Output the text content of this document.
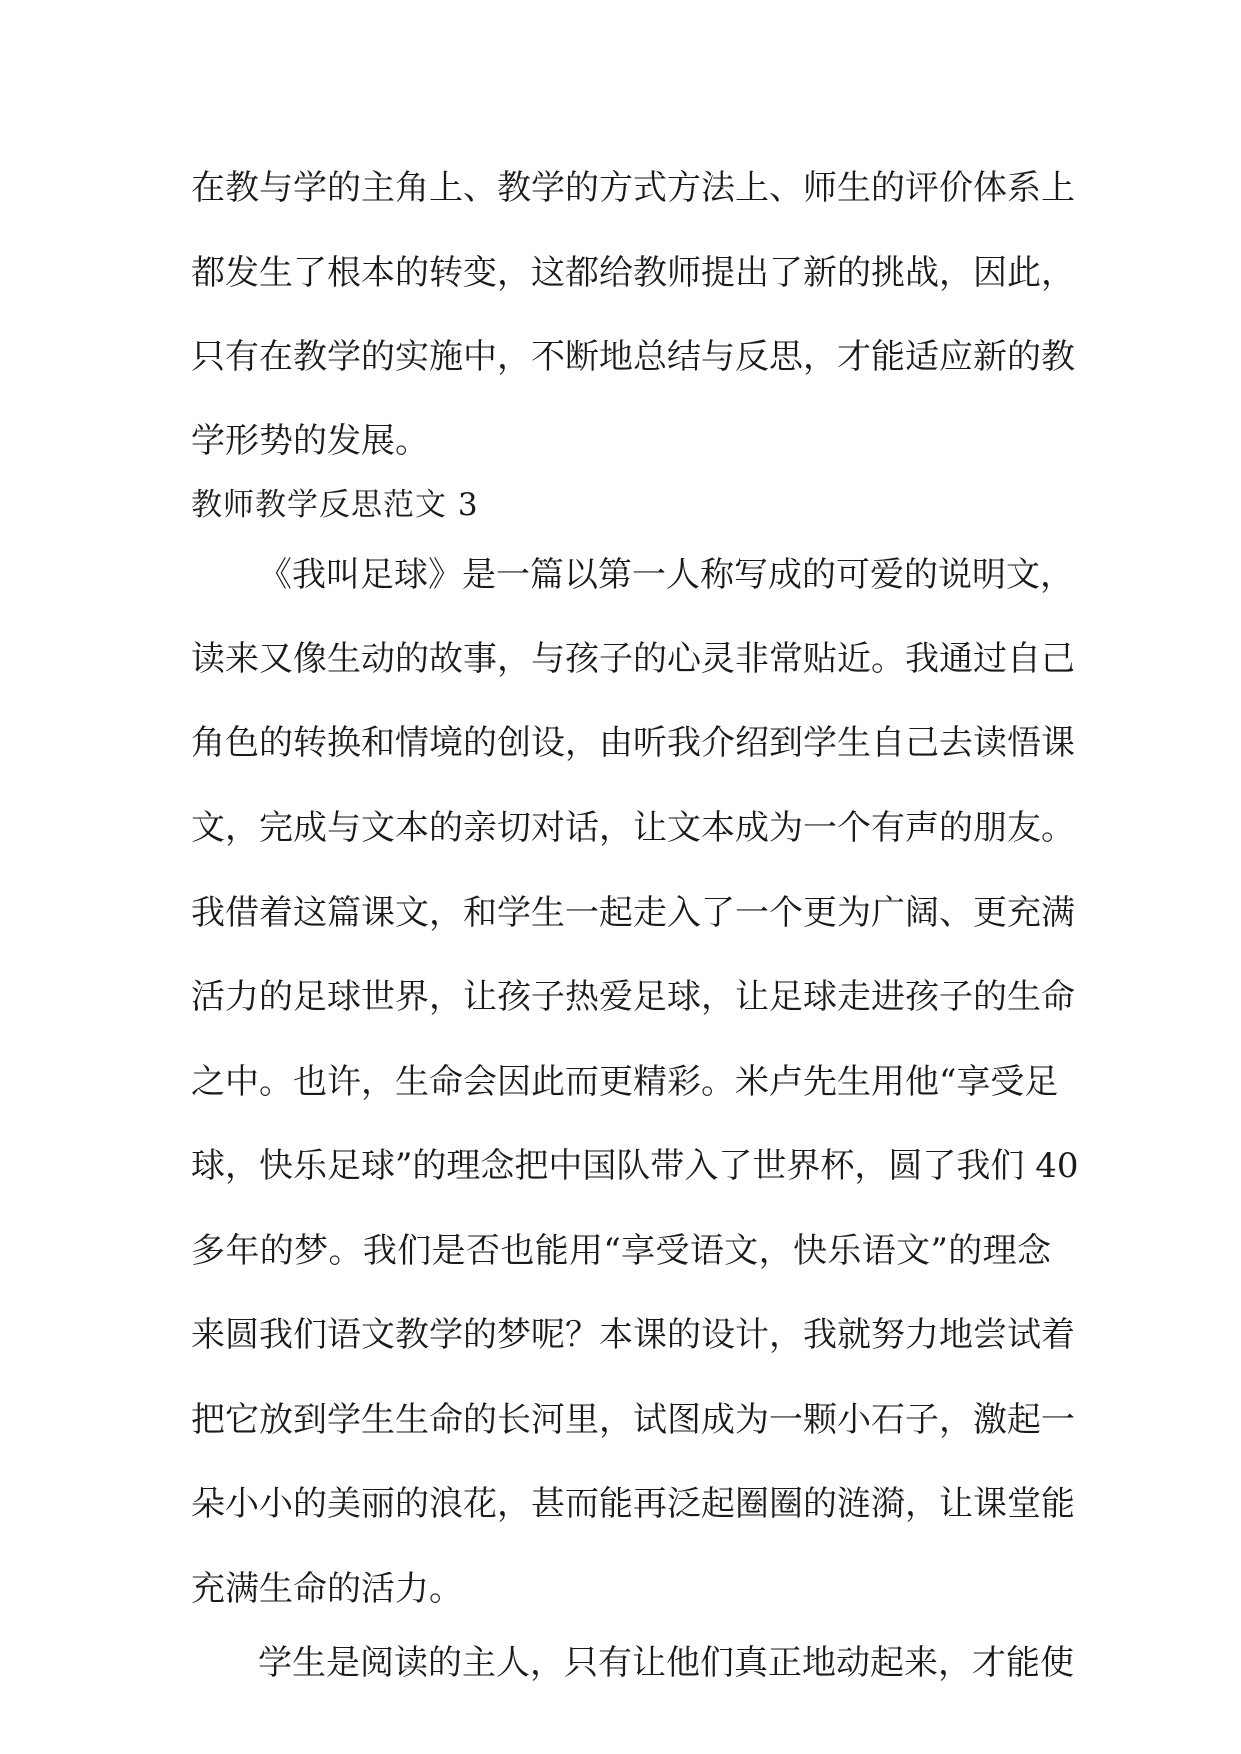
在教与学的主角上、教学的方式方法上、师生的评价体系上
都发生了根本的转变，这都给教师提出了新的挑战，因此，
只有在教学的实施中，不断地总结与反思，才能适应新的教
学形势的发展。
教师教学反思范文 3
《我叫足球》是一篇以第一人称写成的可爱的说明文，
读来又像生动的故事，与孩子的心灵非常贴近。我通过自己
角色的转换和情境的创设，由听我介绍到学生自己去读悟课
文，完成与文本的亲切对话，让文本成为一个有声的朋友。
我借着这篇课文，和学生一起走入了一个更为广阔、更充满
活力的足球世界，让孩子热爱足球，让足球走进孩子的生命
之中。也许，生命会因此而更精彩。米卢先生用他“享受足
球，快乐足球”的理念把中国队带入了世界杯，圆了我们 40
多年的梦。我们是否也能用“享受语文，快乐语文”的理念
来圆我们语文教学的梦呢？本课的设计，我就努力地尝试着
把它放到学生生命的长河里，试图成为一颗小石子，激起一
朵小小的美丽的浪花，甚而能再泛起圈圈的涟漪，让课堂能
充满生命的活力。
学生是阅读的主人，只有让他们真正地动起来，才能使
